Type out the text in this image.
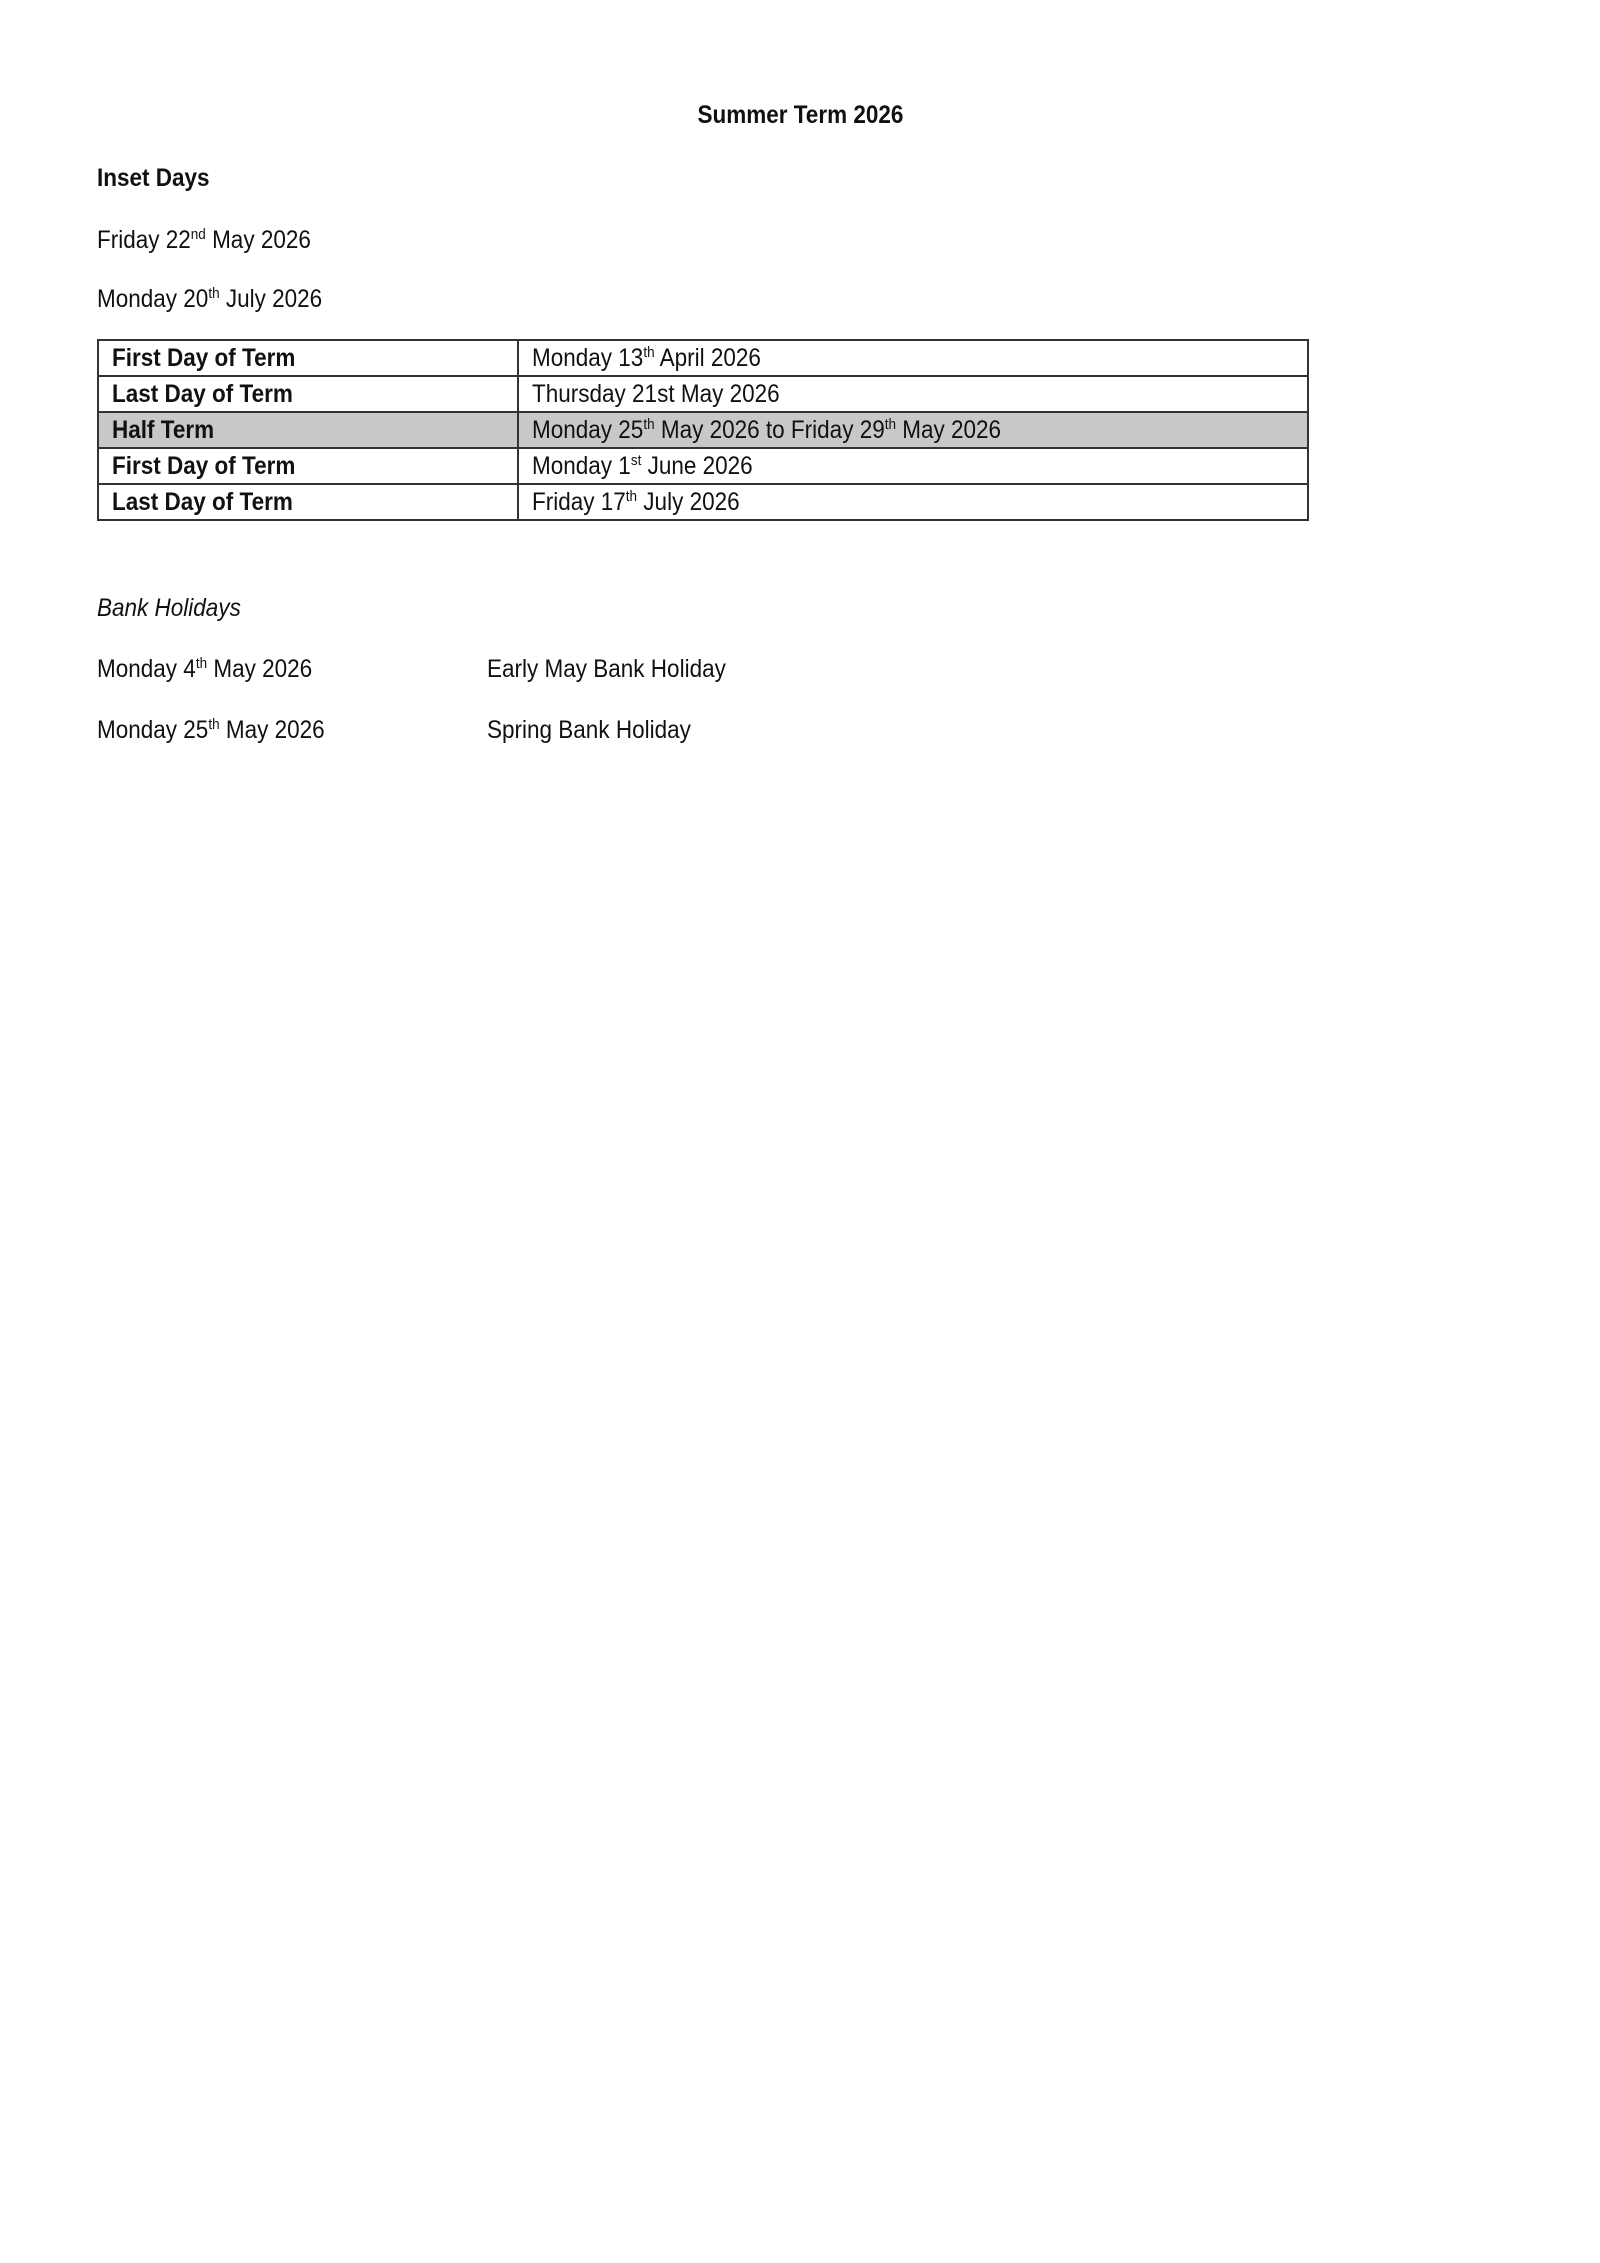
Summer Term 2026
Inset Days
Friday 22nd May 2026
Monday 20th July 2026
First Day of Term	Monday 13th April 2026
Last Day of Term	Thursday 21st May 2026
Half Term	Monday 25th May 2026 to Friday 29th May 2026
First Day of Term	Monday 1st June 2026
Last Day of Term	Friday 17th July 2026
Bank Holidays
Monday 4th May 2026	Early May Bank Holiday
Monday 25th May 2026	Spring Bank Holiday
